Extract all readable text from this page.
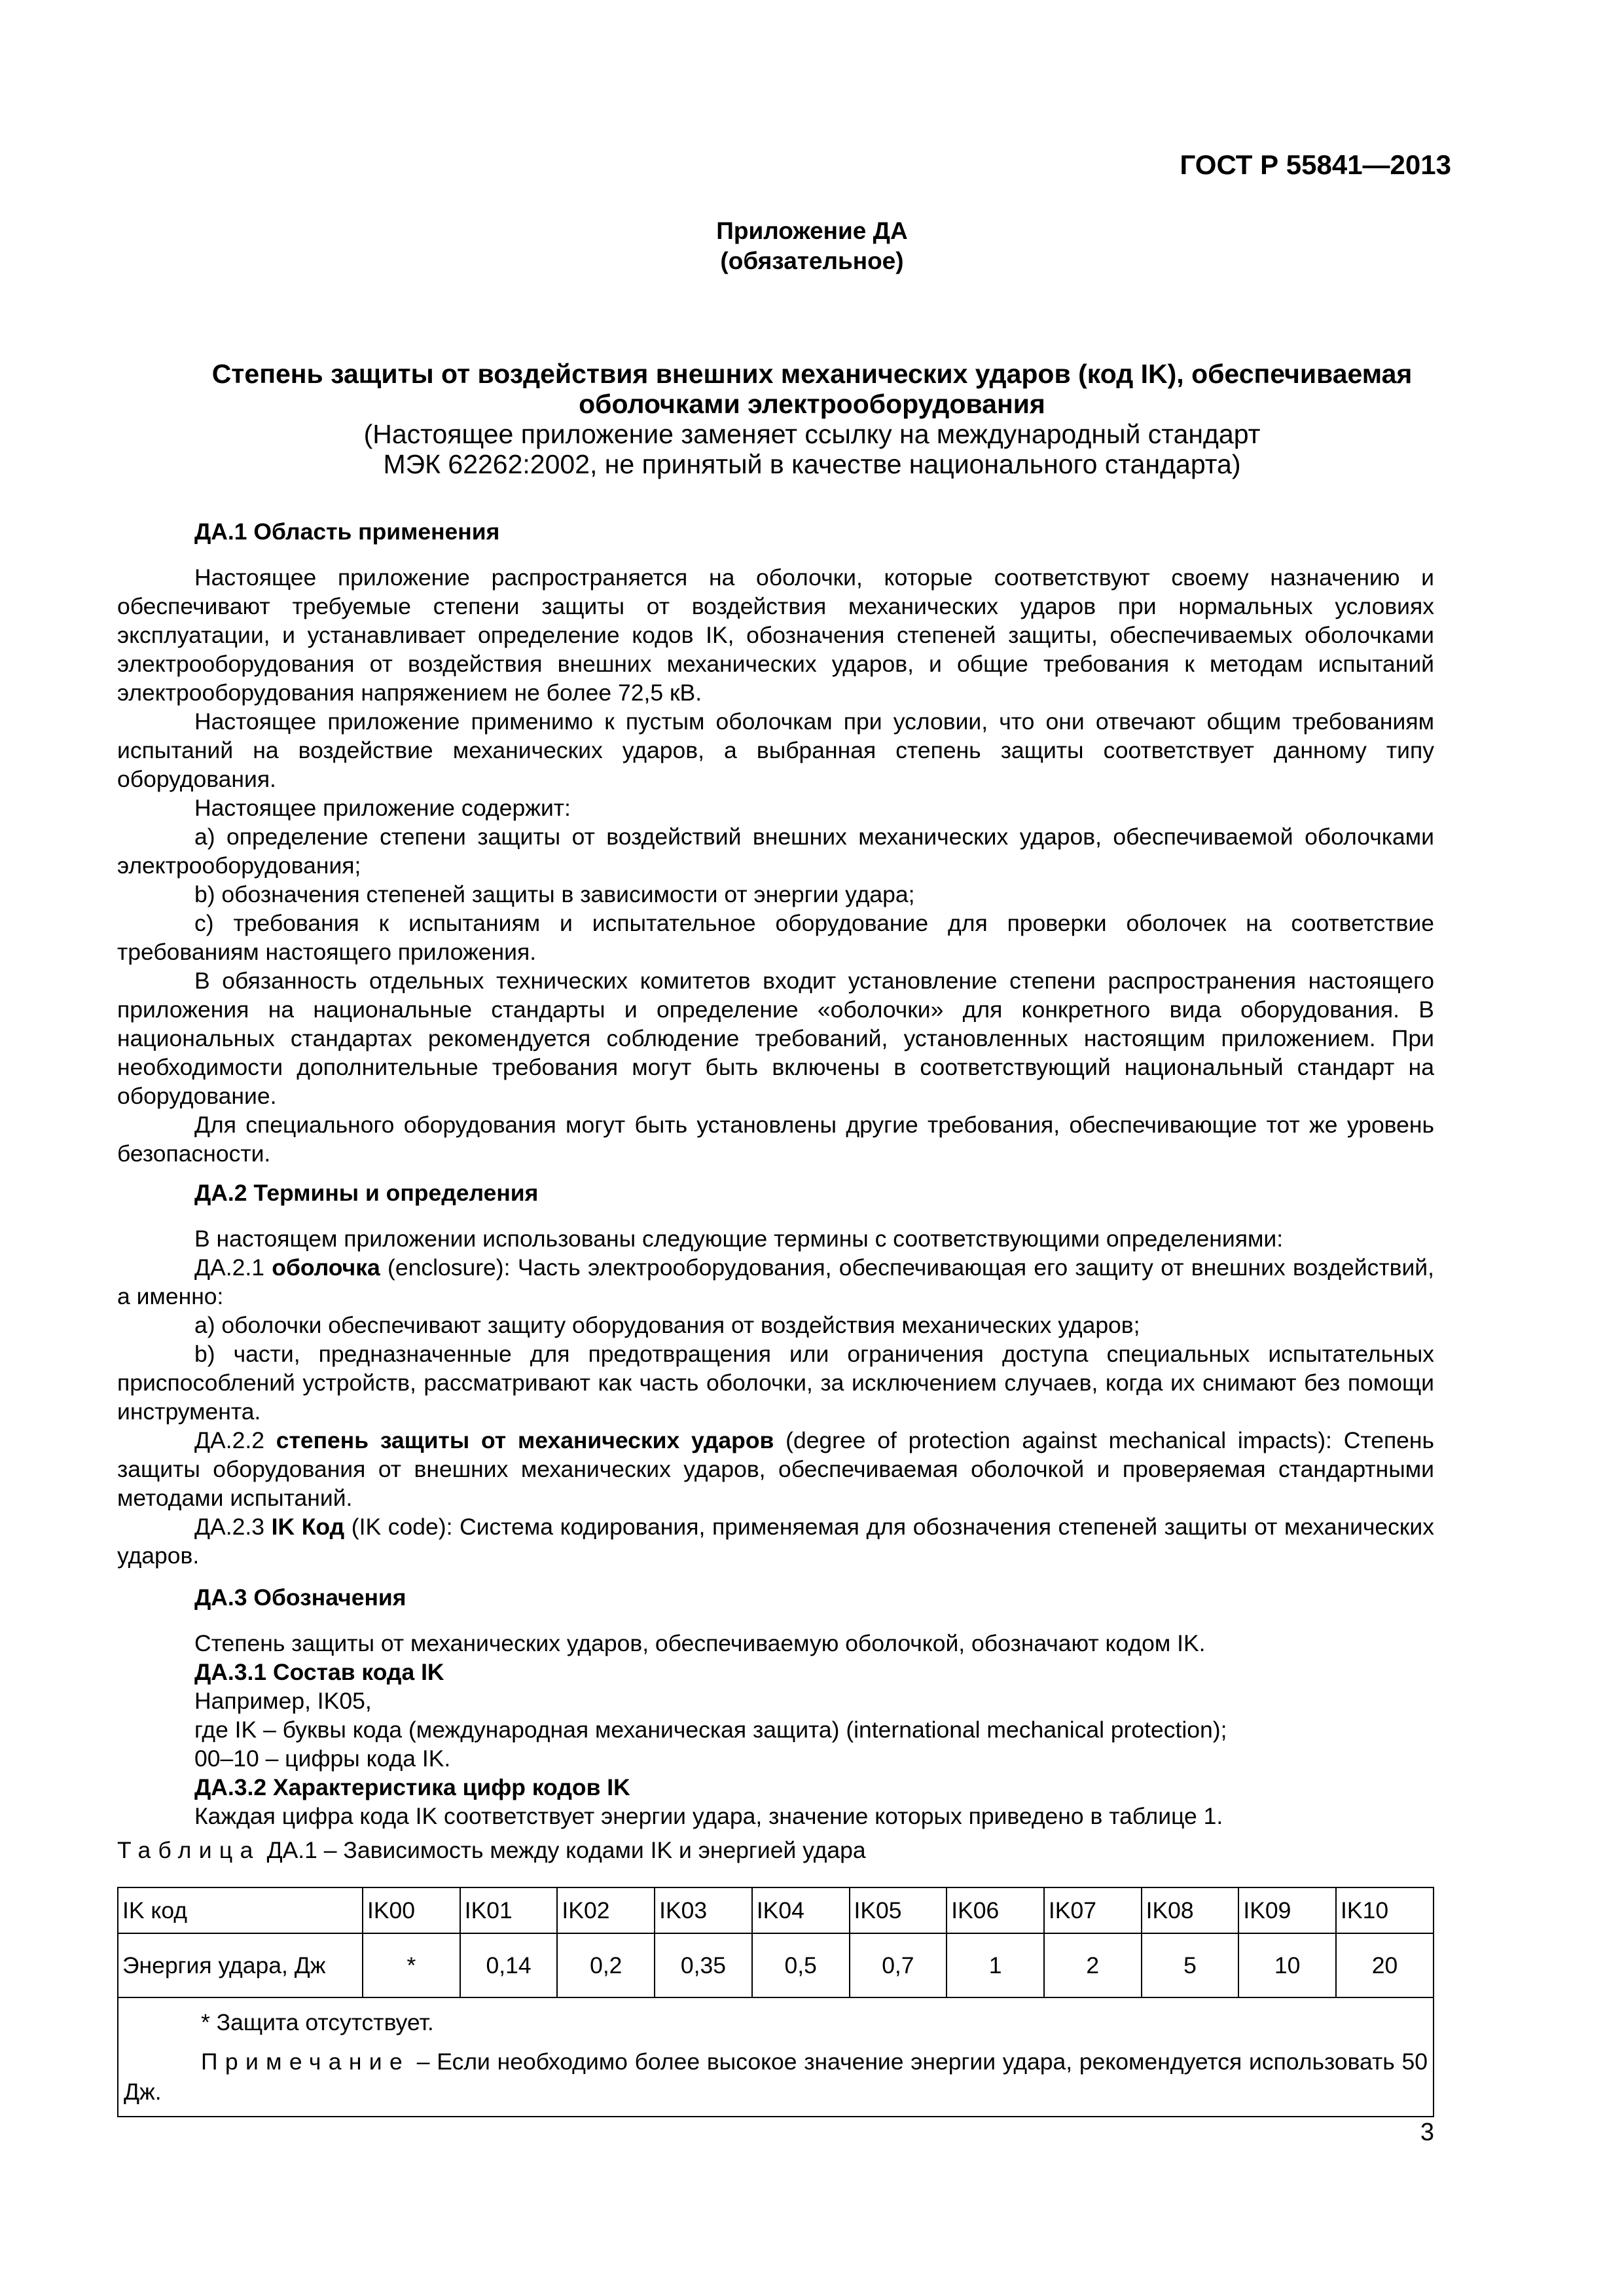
ГОСТ Р 55841—2013
Приложение ДА
(обязательное)
Степень защиты от воздействия внешних механических ударов (код IK), обеспечиваемая
оболочками электрооборудования
(Настоящее приложение заменяет ссылку на международный стандарт
МЭК 62262:2002, не принятый в качестве национального стандарта)
ДА.1 Область применения

Настоящее приложение распространяется на оболочки, которые соответствуют своему назначению и обеспечивают требуемые степени защиты от воздействия механических ударов при нормальных условиях эксплуатации, и устанавливает определение кодов IK, обозначения степеней защиты, обеспечиваемых оболочками электрооборудования от воздействия внешних механических ударов, и общие требования к методам испытаний электрооборудования напряжением не более 72,5 кВ.

Настоящее приложение применимо к пустым оболочкам при условии, что они отвечают общим требованиям испытаний на воздействие механических ударов, а выбранная степень защиты соответствует данному типу оборудования.

Настоящее приложение содержит:

a) определение степени защиты от воздействий внешних механических ударов, обеспечиваемой оболочками электрооборудования;

b) обозначения степеней защиты в зависимости от энергии удара;

c) требования к испытаниям и испытательное оборудование для проверки оболочек на соответствие требованиям настоящего приложения.

В обязанность отдельных технических комитетов входит установление степени распространения настоящего приложения на национальные стандарты и определение «оболочки» для конкретного вида оборудования. В национальных стандартах рекомендуется соблюдение требований, установленных настоящим приложением. При необходимости дополнительные требования могут быть включены в соответствующий национальный стандарт на оборудование.

Для специального оборудования могут быть установлены другие требования, обеспечивающие тот же уровень безопасности.

ДА.2 Термины и определения

В настоящем приложении использованы следующие термины с соответствующими определениями:

ДА.2.1 оболочка (enclosure): Часть электрооборудования, обеспечивающая его защиту от внешних воздействий, а именно:

a) оболочки обеспечивают защиту оборудования от воздействия механических ударов;

b) части, предназначенные для предотвращения или ограничения доступа специальных испытательных приспособлений устройств, рассматривают как часть оболочки, за исключением случаев, когда их снимают без помощи инструмента.

ДА.2.2 степень защиты от механических ударов (degree of protection against mechanical impacts): Степень защиты оборудования от внешних механических ударов, обеспечиваемая оболочкой и проверяемая стандартными методами испытаний.

ДА.2.3 IK Код (IK code): Система кодирования, применяемая для обозначения степеней защиты от механических ударов.

ДА.3 Обозначения

Степень защиты от механических ударов, обеспечиваемую оболочкой, обозначают кодом IK.

ДА.3.1 Состав кода IK

Например, IK05,

где IK – буквы кода (международная механическая защита) (international mechanical protection);

00–10 – цифры кода IK.

ДА.3.2 Характеристика цифр кодов IK

Каждая цифра кода IK соответствует энергии удара, значение которых приведено в таблице 1.

Таблица ДА.1 – Зависимость между кодами IK и энергией удара
IK код	IK00	IK01	IK02	IK03	IK04	IK05	IK06	IK07	IK08	IK09	IK10
Энергия удара, Дж	*	0,14	0,2	0,35	0,5	0,7	1	2	5	10	20

* Защита отсутствует.
Примечание – Если необходимо более высокое значение энергии удара, рекомендуется использовать 50 Дж.											
3
